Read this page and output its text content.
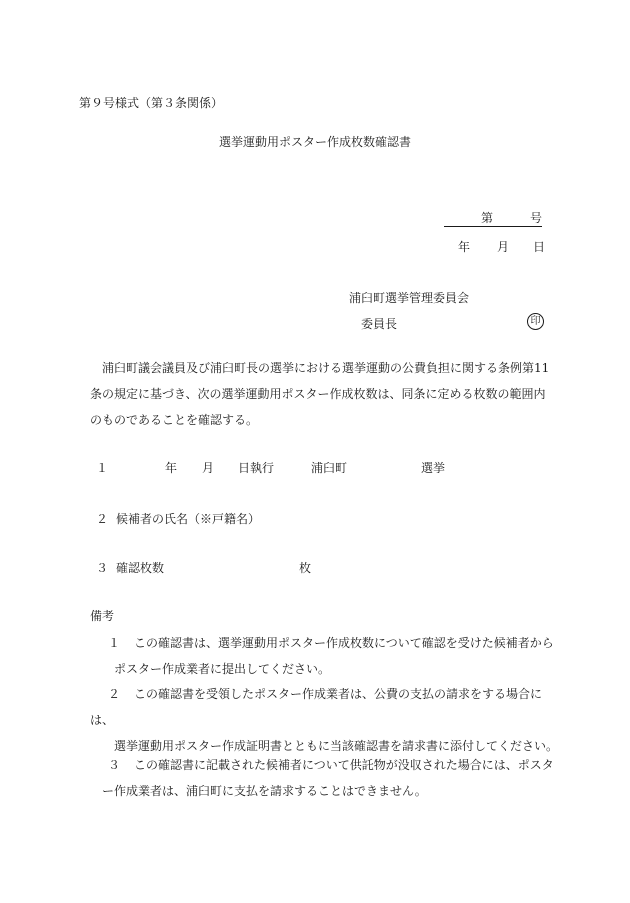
第９号様式（第３条関係）
選挙運動用ポスター作成枚数確認書
第	号
年 月 日
浦臼町選挙管理委員会
委員長	印
浦臼町議会議員及び浦臼町長の選挙における選挙運動の公費負担に関する条例第11条の規定に基づき、次の選挙運動用ポスター作成枚数は、同条に定める枚数の範囲内のものであることを確認する。
１	年 月 日執行	浦臼町	選挙
２ 候補者の氏名（※戸籍名）
３ 確認枚数	枚
備考
１ この確認書は、選挙運動用ポスター作成枚数について確認を受けた候補者から
ポスター作成業者に提出してください。
２ この確認書を受領したポスター作成業者は、公費の支払の請求をする場合には、
選挙運動用ポスター作成証明書とともに当該確認書を請求書に添付してください。
３ この確認書に記載された候補者について供託物が没収された場合には、ポスタ
ー作成業者は、浦臼町に支払を請求することはできません。
